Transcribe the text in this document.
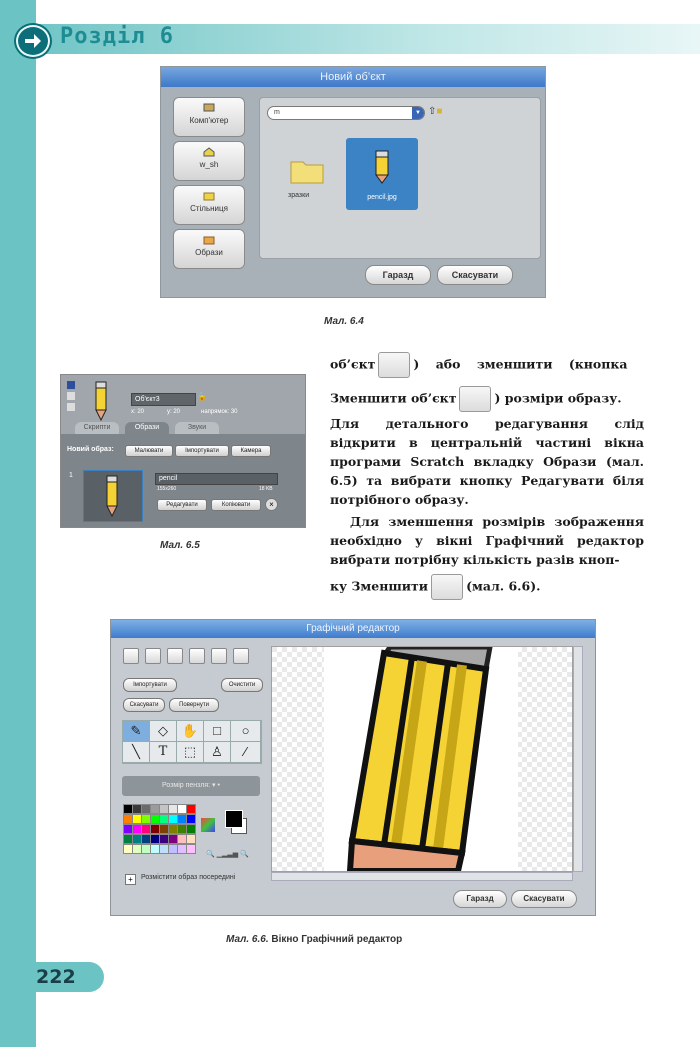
Розділ 6
Новий об’єкт
Комп'ютер
w_sh
Стільниця
Образи
m	▼ ⇧■
зразки	pencil.jpg
Гаразд	Скасувати
Мал. 6.4
Об'єкт3	🔒
x: 20	y: 20	напрямок: 30
Скрипти	Образи	Звуки
Новий образ:	Малювати	Імпортувати	Камера
1	pencil
155x260	18 KB
Редагувати	Копіювати	×
Мал. 6.5
об’єкт	) або зменшити (кнопка
Зменшити об’єкт	) розміри образу.
Для детального редагування слід відкрити в центральній частині вікна програми Scratch вкладку Образи (мал. 6.5) та вибрати кнопку Редагувати біля потрібного образу.
Для зменшення розмірів зображення необхідно у вікні Графічний редактор вибрати потрібну кількість разів кноп-
ку Зменшити	(мал. 6.6).
Графічний редактор
Імпортувати	Очистити
Скасувати	Повернути
✎	◇	✋	□	○
╲	T	⬚	♙	⁄
Розмір пензля: ▾ •
🔍 ▁▂▃▅ 🔍
+	Розмістити образ посередині
Гаразд	Скасувати
Мал. 6.6. Вікно Графічний редактор
222
